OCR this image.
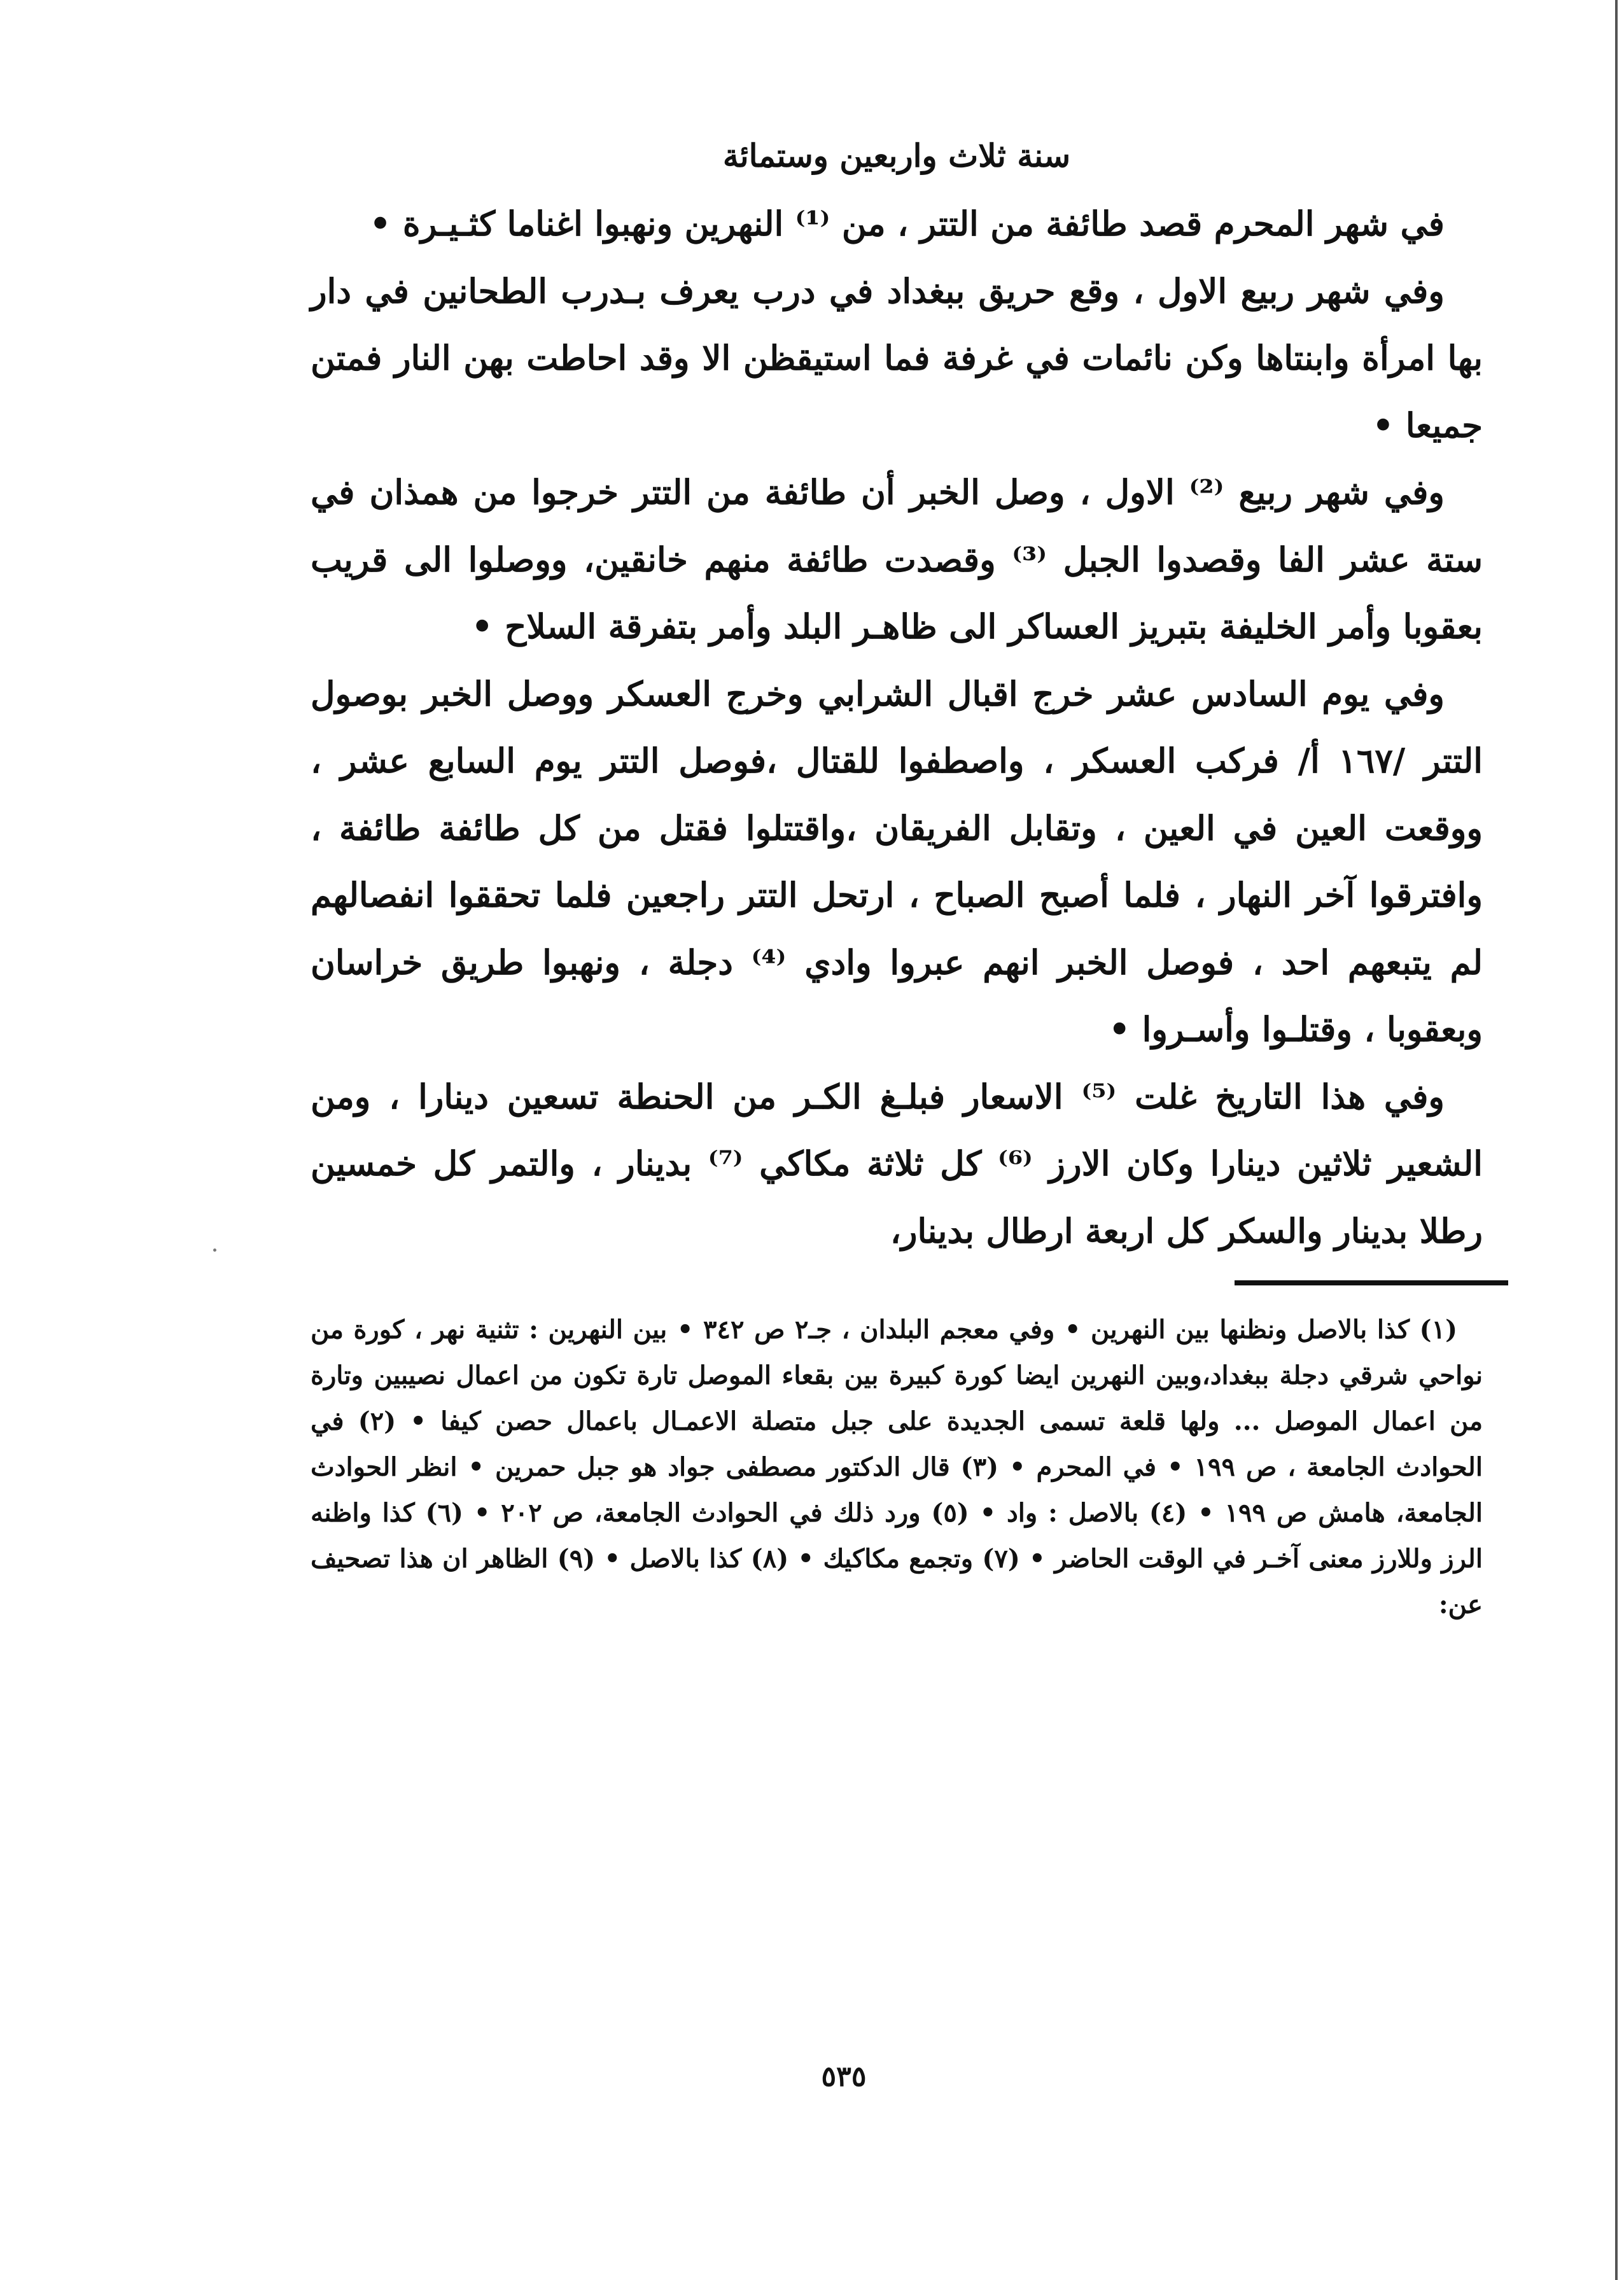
سنة ثلاث واربعين وستمائة

في شهر المحرم قصد طائفة من التتر ، من ⁽¹⁾ النهرين ونهبوا اغناما كثـيـرة •

وفي شهر ربيع الاول ، وقع حريق ببغداد في درب يعرف بـدرب الطحانين في دار بها امرأة وابنتاها وكن نائمات في غرفة فما استيقظن الا وقد احاطت بهن النار فمتن جميعا •

وفي شهر ربيع ⁽²⁾ الاول ، وصل الخبر أن طائفة من التتر خرجوا من همذان في ستة عشر الفا وقصدوا الجبل ⁽³⁾ وقصدت طائفة منهم خانقين، ووصلوا الى قريب بعقوبا وأمر الخليفة بتبريز العساكر الى ظاهـر البلد وأمر بتفرقة السلاح •

وفي يوم السادس عشر خرج اقبال الشرابي وخرج العسكر ووصل الخبر بوصول التتر /١٦٧ أ/ فركب العسكر ، واصطفوا للقتال ،فوصل التتر يوم السابع عشر ، ووقعت العين في العين ، وتقابل الفريقان ،واقتتلوا فقتل من كل طائفة طائفة ، وافترقوا آخر النهار ، فلما أصبح الصباح ، ارتحل التتر راجعين فلما تحققوا انفصالهم لم يتبعهم احد ، فوصل الخبر انهم عبروا وادي ⁽⁴⁾ دجلة ، ونهبوا طريق خراسان وبعقوبا ، وقتلـوا وأسـروا •

وفي هذا التاريخ غلت ⁽⁵⁾ الاسعار فبلـغ الكـر من الحنطة تسعين دينارا ، ومن الشعير ثلاثين دينارا وكان الارز ⁽⁶⁾ كل ثلاثة مكاكي ⁽⁷⁾ بدينار ، والتمر كل خمسين رطلا بدينار والسكر كل اربعة ارطال بدينار،

(١) كذا بالاصل ونظنها بين النهرين • وفي معجم البلدان ، جـ٢ ص ٣٤٢ • بين النهرين : تثنية نهر ، كورة من نواحي شرقي دجلة ببغداد،وبين النهرين ايضا كورة كبيرة بين بقعاء الموصل تارة تكون من اعمال نصيبين وتارة من اعمال الموصل ... ولها قلعة تسمى الجديدة على جبل متصلة الاعمـال باعمال حصن كيفا • (٢) في الحوادث الجامعة ، ص ١٩٩ • في المحرم • (٣) قال الدكتور مصطفى جواد هو جبل حمرين • انظر الحوادث الجامعة، هامش ص ١٩٩ • (٤) بالاصل : واد • (٥) ورد ذلك في الحوادث الجامعة، ص ٢٠٢ • (٦) كذا واظنه الرز وللارز معنى آخـر في الوقت الحاضر • (٧) وتجمع مكاكيك • (٨) كذا بالاصل • (٩) الظاهر ان هذا تصحيف عن:

٥٣٥
